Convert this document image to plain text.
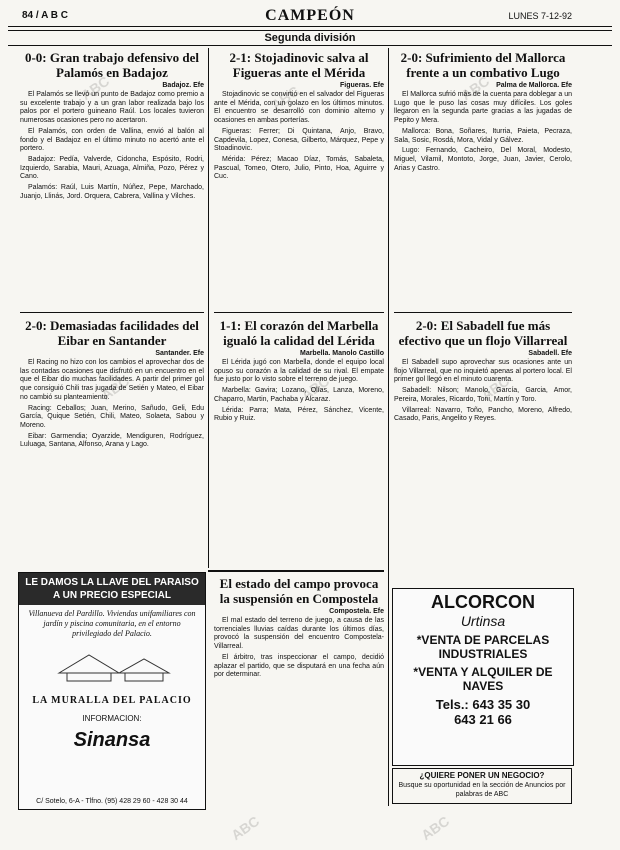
84 / A B C	CAMPEÓN	LUNES 7-12-92
Segunda división
0-0: Gran trabajo defensivo del Palamós en Badajoz
Badajoz. Efe

El Palamós se llevó un punto de Badajoz como premio a su excelente trabajo y a un gran labor realizada bajo los palos por el portero guineano Raúl. Los locales tuvieron numerosas ocasiones pero no acertaron.

El Palamós, con orden de Vallina, envió al balón al fondo y el Badajoz en el último minuto no acertó ante el portero.

Badajoz: Pedía, Valverde, Cidoncha, Espósito, Rodri, Izquierdo, Sarabia, Mauri, Azuaga, Almiña, Pozo, Pérez y Cano.

Palamós: Raúl, Luis Martín, Núñez, Pepe, Marchado, Juanjo, Llinás, Jord. Orquera, Cabrera, Vallina y Vilches.

2-0: Demasiadas facilidades del Eibar en Santander
Santander. Efe

El Racing no hizo con los cambios el aprovechar dos de las contadas ocasiones que disfrutó en un encuentro en el que el Eibar dio muchas facilidades. A partir del primer gol que consiguió Chili tras jugada de Setién y Mateo, el Eibar no cambió su planteamiento.

Racing: Ceballos; Juan, Merino, Sañudo, Geli, Edu García, Quique Setién, Chili, Mateo, Solaeta, Sabou y Moreno.

Eibar: Garmendia; Oyarzide, Mendiguren, Rodríguez, Luluaga, Santana, Alfonso, Arana y Lago.

2-1: Stojadinovic salva al Figueras ante el Mérida
Figueras. Efe

Stojadinovic se convirtió en el salvador del Figueras ante el Mérida, con un golazo en los últimos minutos. El encuentro se desarrolló con dominio alterno y ocasiones en ambas porterías.

Figueras: Ferrer; Di Quintana, Anjo, Bravo, Capdevila, Lopez, Conesa, Gilberto, Márquez, Pepe y Stoadinovic.

Mérida: Pérez; Macao Díaz, Tomás, Sabaleta, Pascual, Tomeo, Otero, Julio, Pinto, Hoa, Aguirre y Cuc.

1-1: El corazón del Marbella igualó la calidad del Lérida
Marbella. Manolo Castillo

El Lérida jugó con Marbella, donde el equipo local opuso su corazón a la calidad de su rival. El empate fue justo por lo visto sobre el terreno de juego.

Marbella: Gavira; Lozano, Olías, Lanza, Moreno, Chaparro, Martin, Pachaba y Alcaraz.

Lérida: Parra; Mata, Pérez, Sánchez, Vicente, Rubio y Ruiz.

El estado del campo provoca la suspensión en Compostela
Compostela. Efe

El mal estado del terreno de juego, a causa de las torrenciales lluvias caídas durante los últimos días, provocó la suspensión del encuentro Compostela-Villarreal.

El árbitro, tras inspeccionar el campo, decidió aplazar el partido, que se disputará en una fecha aún por determinar.

2-0: Sufrimiento del Mallorca frente a un combativo Lugo
Palma de Mallorca. Efe

El Mallorca sufrió más de la cuenta para doblegar a un Lugo que le puso las cosas muy difíciles. Los goles llegaron en la segunda parte gracias a las jugadas de Pepito y Mera.

Mallorca: Bona, Soñares, Iturria, Paieta, Pecraza, Sala, Sosic, Rosdá, Mora, Vidal y Gálvez.

Lugo: Fernando, Cacheiro, Del Moral, Modesto, Miguel, Vilamil, Montoto, Jorge, Juan, Javier, Cerolo, Arias y Castro.

2-0: El Sabadell fue más efectivo que un flojo Villarreal
Sabadell. Efe

El Sabadell supo aprovechar sus ocasiones ante un flojo Villarreal, que no inquietó apenas al portero local. El primer gol llegó en el minuto cuarenta.

Sabadell: Nilson; Manolo, García, Garcia, Amor, Pereira, Morales, Ricardo, Toni, Martín y Toro.

Villarreal: Navarro, Toño, Pancho, Moreno, Alfredo, Casado, Paris, Angelito y Reyes.

LE DAMOS LA LLAVE DEL PARAISO A UN PRECIO ESPECIAL
Villanueva del Pardillo. Viviendas unifamiliares con jardín y piscina comunitaria, en el entorno privilegiado del Palacio.
LA MURALLA DEL PALACIO
INFORMACION:
Sinansa
C/ Sotelo, 6-A - Tlfno. (95) 428 29 60 - 428 30 44
ALCORCON
Urtinsa
*VENTA DE PARCELAS INDUSTRIALES
*VENTA Y ALQUILER DE NAVES
Tels.: 643 35 30
643 21 66
¿QUIERE PONER UN NEGOCIO?
Busque su oportunidad en la sección de Anuncios por palabras de ABC
ABC	ABC	ABC
ABC	ABC	ABC
ABC	ABC
